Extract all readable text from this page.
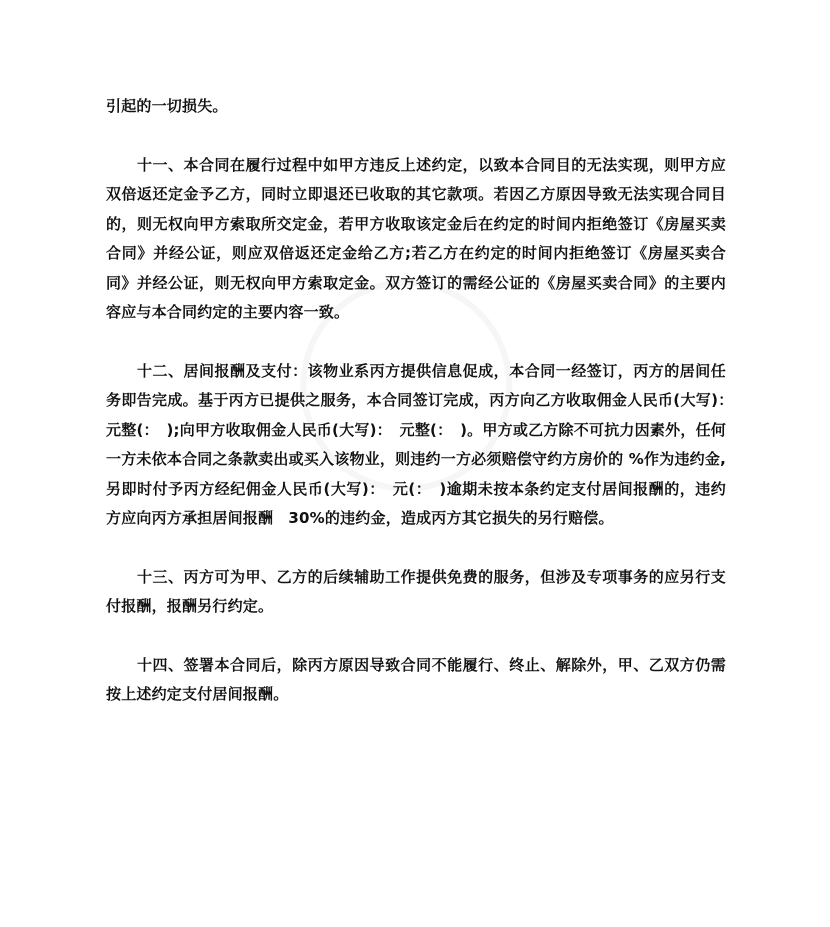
引起的一切损失。

十一、本合同在履行过程中如甲方违反上述约定，以致本合同目的无法实现，则甲方应双倍返还定金予乙方，同时立即退还已收取的其它款项。若因乙方原因导致无法实现合同目的，则无权向甲方索取所交定金，若甲方收取该定金后在约定的时间内拒绝签订《房屋买卖合同》并经公证，则应双倍返还定金给乙方;若乙方在约定的时间内拒绝签订《房屋买卖合同》并经公证，则无权向甲方索取定金。双方签订的需经公证的《房屋买卖合同》的主要内容应与本合同约定的主要内容一致。

十二、居间报酬及支付：该物业系丙方提供信息促成，本合同一经签订，丙方的居间任务即告完成。基于丙方已提供之服务，本合同签订完成，丙方向乙方收取佣金人民币(大写)：　元整(：　);向甲方收取佣金人民币(大写)：　元整(：　)。甲方或乙方除不可抗力因素外，任何一方未依本合同之条款卖出或买入该物业，则违约一方必须赔偿守约方房价的 %作为违约金,另即时付予丙方经纪佣金人民币(大写)：　元(：　)逾期未按本条约定支付居间报酬的，违约方应向丙方承担居间报酬　30%的违约金，造成丙方其它损失的另行赔偿。

十三、丙方可为甲、乙方的后续辅助工作提供免费的服务，但涉及专项事务的应另行支付报酬，报酬另行约定。

十四、签署本合同后，除丙方原因导致合同不能履行、终止、解除外，甲、乙双方仍需按上述约定支付居间报酬。
